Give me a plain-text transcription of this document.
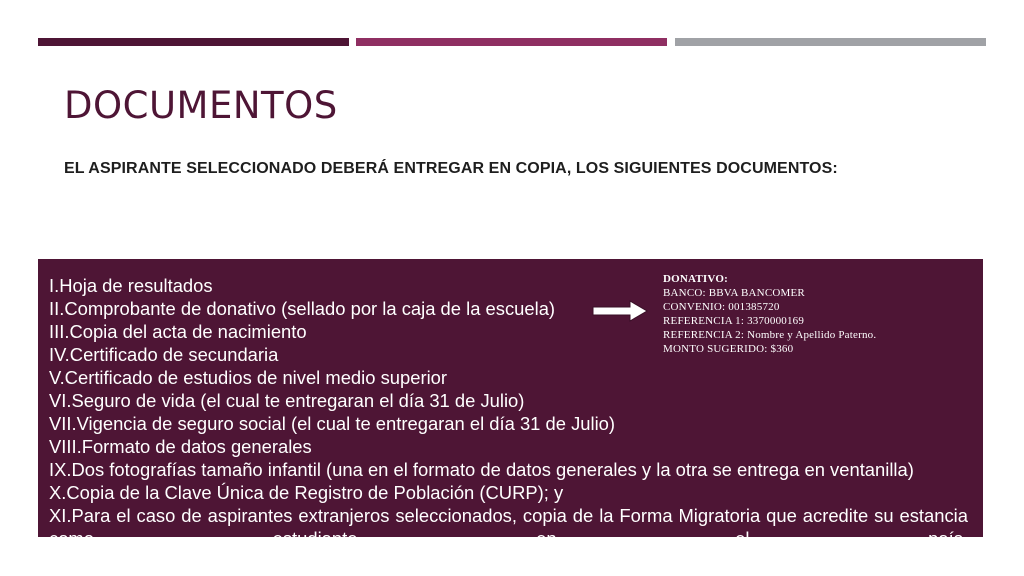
DOCUMENTOS
EL ASPIRANTE SELECCIONADO DEBERÁ ENTREGAR EN COPIA, LOS SIGUIENTES DOCUMENTOS:
I.Hoja de resultados
II.Comprobante de donativo (sellado por la caja de la escuela)
III.Copia del acta de nacimiento
IV.Certificado de secundaria
V.Certificado de estudios de nivel medio superior
VI.Seguro de vida (el cual te entregaran el día 31 de Julio)
VII.Vigencia de seguro social (el cual te entregaran el día 31 de Julio)
VIII.Formato de datos generales
IX.Dos fotografías tamaño infantil (una en el formato de datos generales y la otra se entrega en ventanilla)
X.Copia de la Clave Única de Registro de Población (CURP); y
XI.Para el caso de aspirantes extranjeros seleccionados, copia de la Forma Migratoria que acredite su estancia como estudiante en el país.
DONATIVO:
BANCO: BBVA BANCOMER
CONVENIO: 001385720
REFERENCIA 1: 3370000169
REFERENCIA 2: Nombre y Apellido Paterno.
MONTO SUGERIDO: $360
